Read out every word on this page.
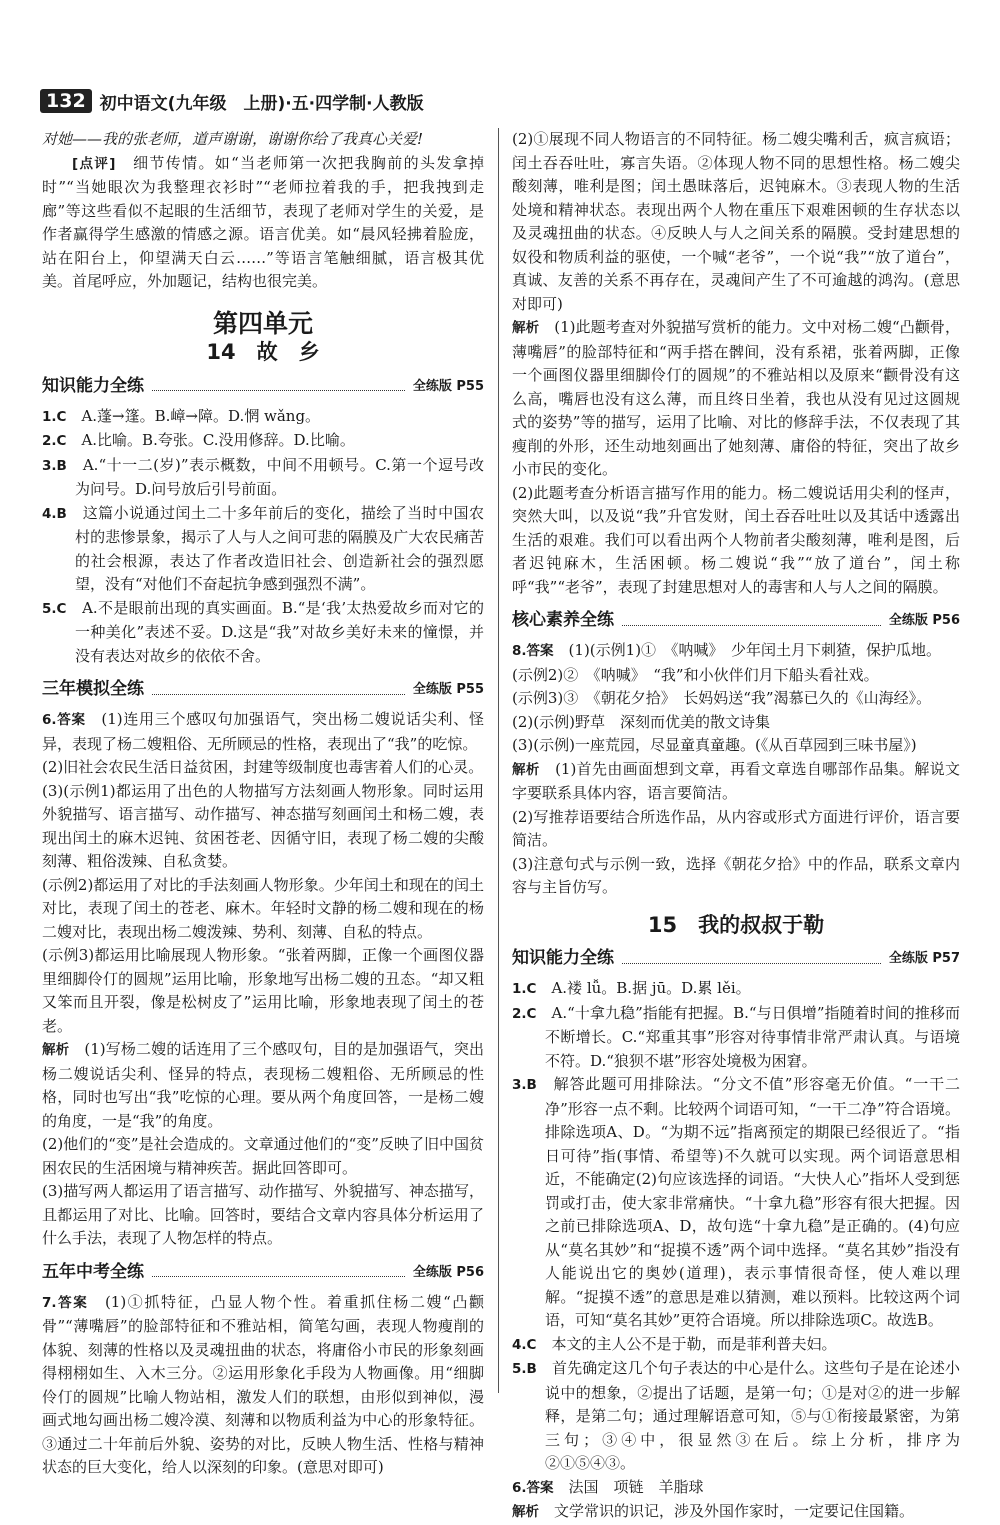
132 初中语文(九年级　上册)·五·四学制·人教版

对她——我的张老师，道声谢谢，谢谢你给了我真心关爱!

[点评]　 细节传情。如“当老师第一次把我胸前的头发拿掉时”“当她眼次为我整理衣衫时”“老师拉着我的手，把我拽到走廊”等这些看似不起眼的生活细节，表现了老师对学生的关爱，是作者赢得学生感激的情感之源。语言优美。如“晨风轻拂着脸庞，站在阳台上，仰望满天白云……”等语言笔触细腻，语言极其优美。首尾呼应，外加题记，结构也很完美。

第四单元
14　故　乡
知识能力全练	全练版 P55

1.C　 A.蓬→篷。B.嶂→障。D.惘 wǎng。

2.C　 A.比喻。B.夸张。C.没用修辞。D.比喻。

3.B　 A.“十一二(岁)”表示概数，中间不用顿号。C.第一个逗号改为问号。D.问号放后引号前面。

4.B　 这篇小说通过闰土二十多年前后的变化，描绘了当时中国农村的悲惨景象，揭示了人与人之间可悲的隔膜及广大农民痛苦的社会根源，表达了作者改造旧社会、创造新社会的强烈愿望，没有“对他们不奋起抗争感到强烈不满”。

5.C　 A.不是眼前出现的真实画面。B.“是‘我’太热爱故乡而对它的一种美化”表述不妥。D.这是“我”对故乡美好未来的憧憬，并没有表达对故乡的依依不舍。

三年模拟全练	全练版 P55

6.答案　 (1)连用三个感叹句加强语气，突出杨二嫂说话尖利、怪异，表现了杨二嫂粗俗、无所顾忌的性格，表现出了“我”的吃惊。

(2)旧社会农民生活日益贫困，封建等级制度也毒害着人们的心灵。

(3)(示例1)都运用了出色的人物描写方法刻画人物形象。同时运用外貌描写、语言描写、动作描写、神态描写刻画闰土和杨二嫂，表现出闰土的麻木迟钝、贫困苍老、因循守旧，表现了杨二嫂的尖酸刻薄、粗俗泼辣、自私贪婪。

(示例2)都运用了对比的手法刻画人物形象。少年闰土和现在的闰土对比，表现了闰土的苍老、麻木。年轻时文静的杨二嫂和现在的杨二嫂对比，表现出杨二嫂泼辣、势利、刻薄、自私的特点。

(示例3)都运用比喻展现人物形象。“张着两脚，正像一个画图仪器里细脚伶仃的圆规”运用比喻，形象地写出杨二嫂的丑态。“却又粗又笨而且开裂，像是松树皮了”运用比喻，形象地表现了闰土的苍老。

解析　 (1)写杨二嫂的话连用了三个感叹句，目的是加强语气，突出杨二嫂说话尖利、怪异的特点，表现杨二嫂粗俗、无所顾忌的性格，同时也写出“我”吃惊的心理。要从两个角度回答，一是杨二嫂的角度，一是“我”的角度。

(2)他们的“变”是社会造成的。文章通过他们的“变”反映了旧中国贫困农民的生活困境与精神疾苦。据此回答即可。

(3)描写两人都运用了语言描写、动作描写、外貌描写、神态描写，且都运用了对比、比喻。回答时，要结合文章内容具体分析运用了什么手法，表现了人物怎样的特点。

五年中考全练	全练版 P56

7.答案　 (1)①抓特征，凸显人物个性。着重抓住杨二嫂“凸颧骨”“薄嘴唇”的脸部特征和不雅站相，简笔勾画，表现人物瘦削的体貌、刻薄的性格以及灵魂扭曲的状态，将庸俗小市民的形象刻画得栩栩如生、入木三分。②运用形象化手段为人物画像。用“细脚伶仃的圆规”比喻人物站相，激发人们的联想，由形似到神似，漫画式地勾画出杨二嫂冷漠、刻薄和以物质利益为中心的形象特征。③通过二十年前后外貌、姿势的对比，反映人物生活、性格与精神状态的巨大变化，给人以深刻的印象。(意思对即可)

(2)①展现不同人物语言的不同特征。杨二嫂尖嘴利舌，疯言疯语；闰土吞吞吐吐，寡言失语。②体现人物不同的思想性格。杨二嫂尖酸刻薄，唯利是图；闰土愚昧落后，迟钝麻木。③表现人物的生活处境和精神状态。表现出两个人物在重压下艰难困顿的生存状态以及灵魂扭曲的状态。④反映人与人之间关系的隔膜。受封建思想的奴役和物质利益的驱使，一个喊“老爷”，一个说“我”“放了道台”，真诚、友善的关系不再存在，灵魂间产生了不可逾越的鸿沟。(意思对即可)

解析　 (1)此题考查对外貌描写赏析的能力。文中对杨二嫂“凸颧骨，薄嘴唇”的脸部特征和“两手搭在髀间，没有系裙，张着两脚，正像一个画图仪器里细脚伶仃的圆规”的不雅站相以及原来“颧骨没有这么高，嘴唇也没有这么薄，而且终日坐着，我也从没有见过这圆规式的姿势”等的描写，运用了比喻、对比的修辞手法，不仅表现了其瘦削的外形，还生动地刻画出了她刻薄、庸俗的特征，突出了故乡小市民的变化。

(2)此题考查分析语言描写作用的能力。杨二嫂说话用尖利的怪声，突然大叫，以及说“我”升官发财，闰土吞吞吐吐以及其话中透露出生活的艰难。我们可以看出两个人物前者尖酸刻薄，唯利是图，后者迟钝麻木，生活困顿。杨二嫂说“我”“放了道台”，闰土称呼“我”“老爷”，表现了封建思想对人的毒害和人与人之间的隔膜。

核心素养全练	全练版 P56

8.答案　 (1)(示例1)①　《呐喊》　少年闰土月下刺猹，保护瓜地。

(示例2)②　《呐喊》　“我”和小伙伴们月下船头看社戏。

(示例3)③　《朝花夕拾》　长妈妈送“我”渴慕已久的《山海经》。

(2)(示例)野草　深刻而优美的散文诗集

(3)(示例)一座荒园，尽显童真童趣。(《从百草园到三味书屋》)

解析　 (1)首先由画面想到文章，再看文章选自哪部作品集。解说文字要联系具体内容，语言要简洁。

(2)写推荐语要结合所选作品，从内容或形式方面进行评价，语言要简洁。

(3)注意句式与示例一致，选择《朝花夕拾》中的作品，联系文章内容与主旨仿写。

15　我的叔叔于勒
知识能力全练	全练版 P57

1.C　 A.褛 lǚ。B.据 jū。D.累 lěi。

2.C　 A.“十拿九稳”指能有把握。B.“与日俱增”指随着时间的推移而不断增长。C.“郑重其事”形容对待事情非常严肃认真。与语境不符。D.“狼狈不堪”形容处境极为困窘。

3.B　 解答此题可用排除法。“分文不值”形容毫无价值。“一干二净”形容一点不剩。比较两个词语可知，“一干二净”符合语境。排除选项A、D。“为期不远”指离预定的期限已经很近了。“指日可待”指(事情、希望等)不久就可以实现。两个词语意思相近，不能确定(2)句应该选择的词语。“大快人心”指坏人受到惩罚或打击，使大家非常痛快。“十拿九稳”形容有很大把握。因之前已排除选项A、D，故句选“十拿九稳”是正确的。(4)句应从“莫名其妙”和“捉摸不透”两个词中选择。“莫名其妙”指没有人能说出它的奥妙(道理)，表示事情很奇怪，使人难以理解。“捉摸不透”的意思是难以猜测，难以预料。比较这两个词语，可知“莫名其妙”更符合语境。所以排除选项C。故选B。

4.C　 本文的主人公不是于勒，而是菲利普夫妇。

5.B　 首先确定这几个句子表达的中心是什么。这些句子是在论述小说中的想象，②提出了话题，是第一句；①是对②的进一步解释，是第二句；通过理解语意可知，⑤与①衔接最紧密，为第三句；③④中，很显然③在后。综上分析，排序为②①⑤④③。

6.答案　 法国　项链　羊脂球

解析　 文学常识的识记，涉及外国作家时，一定要记住国籍。
